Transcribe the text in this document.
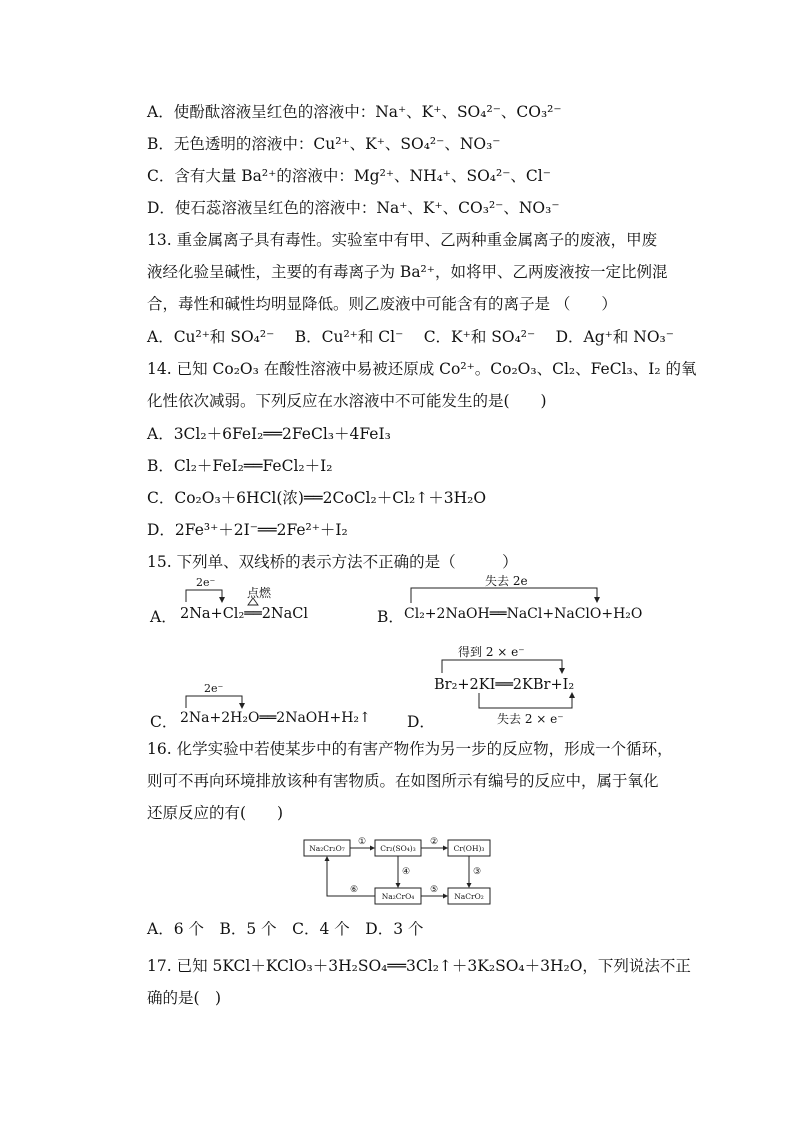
A．使酚酞溶液呈红色的溶液中：Na⁺、K⁺、SO₄²⁻、CO₃²⁻
B．无色透明的溶液中：Cu²⁺、K⁺、SO₄²⁻、NO₃⁻
C．含有大量 Ba²⁺的溶液中：Mg²⁺、NH₄⁺、SO₄²⁻、Cl⁻
D．使石蕊溶液呈红色的溶液中：Na⁺、K⁺、CO₃²⁻、NO₃⁻
13. 重金属离子具有毒性。实验室中有甲、乙两种重金属离子的废液，甲废
液经化验呈碱性，主要的有毒离子为 Ba²⁺，如将甲、乙两废液按一定比例混
合，毒性和碱性均明显降低。则乙废液中可能含有的离子是 （　　）
A．Cu²⁺和 SO₄²⁻　 B．Cu²⁺和 Cl⁻　 C．K⁺和 SO₄²⁻　 D．Ag⁺和 NO₃⁻
14. 已知 Co₂O₃ 在酸性溶液中易被还原成 Co²⁺。Co₂O₃、Cl₂、FeCl₃、I₂ 的氧
化性依次减弱。下列反应在水溶液中不可能发生的是(　　)
A．3Cl₂＋6FeI₂══2FeCl₃＋4FeI₃
B．Cl₂＋FeI₂══FeCl₂＋I₂
C．Co₂O₃＋6HCl(浓)══2CoCl₂＋Cl₂↑＋3H₂O
D．2Fe³⁺＋2I⁻══2Fe²⁺＋I₂
15. 下列单、双线桥的表示方法不正确的是（　　　）
A．
2e⁻
点燃
2Na+Cl₂══2NaCl	B．
失去 2e
Cl₂+2NaOH══NaCl+NaClO+H₂O
C．
2e⁻
2Na+2H₂O══2NaOH+H₂↑ D．
得到 2 × e⁻
Br₂+2KI══2KBr+I₂
失去 2 × e⁻
16. 化学实验中若使某步中的有害产物作为另一步的反应物，形成一个循环，
则可不再向环境排放该种有害物质。在如图所示有编号的反应中，属于氧化
还原反应的有(　　)
Na₂Cr₂O₇	Cr₂(SO₄)₃	Cr(OH)₃
Na₂CrO₄	NaCrO₂
①	②
③
④
⑤
⑥
A．6 个　B．5 个　C．4 个　D．3 个
17. 已知 5KCl＋KClO₃＋3H₂SO₄══3Cl₂↑＋3K₂SO₄＋3H₂O，下列说法不正
确的是(　)
